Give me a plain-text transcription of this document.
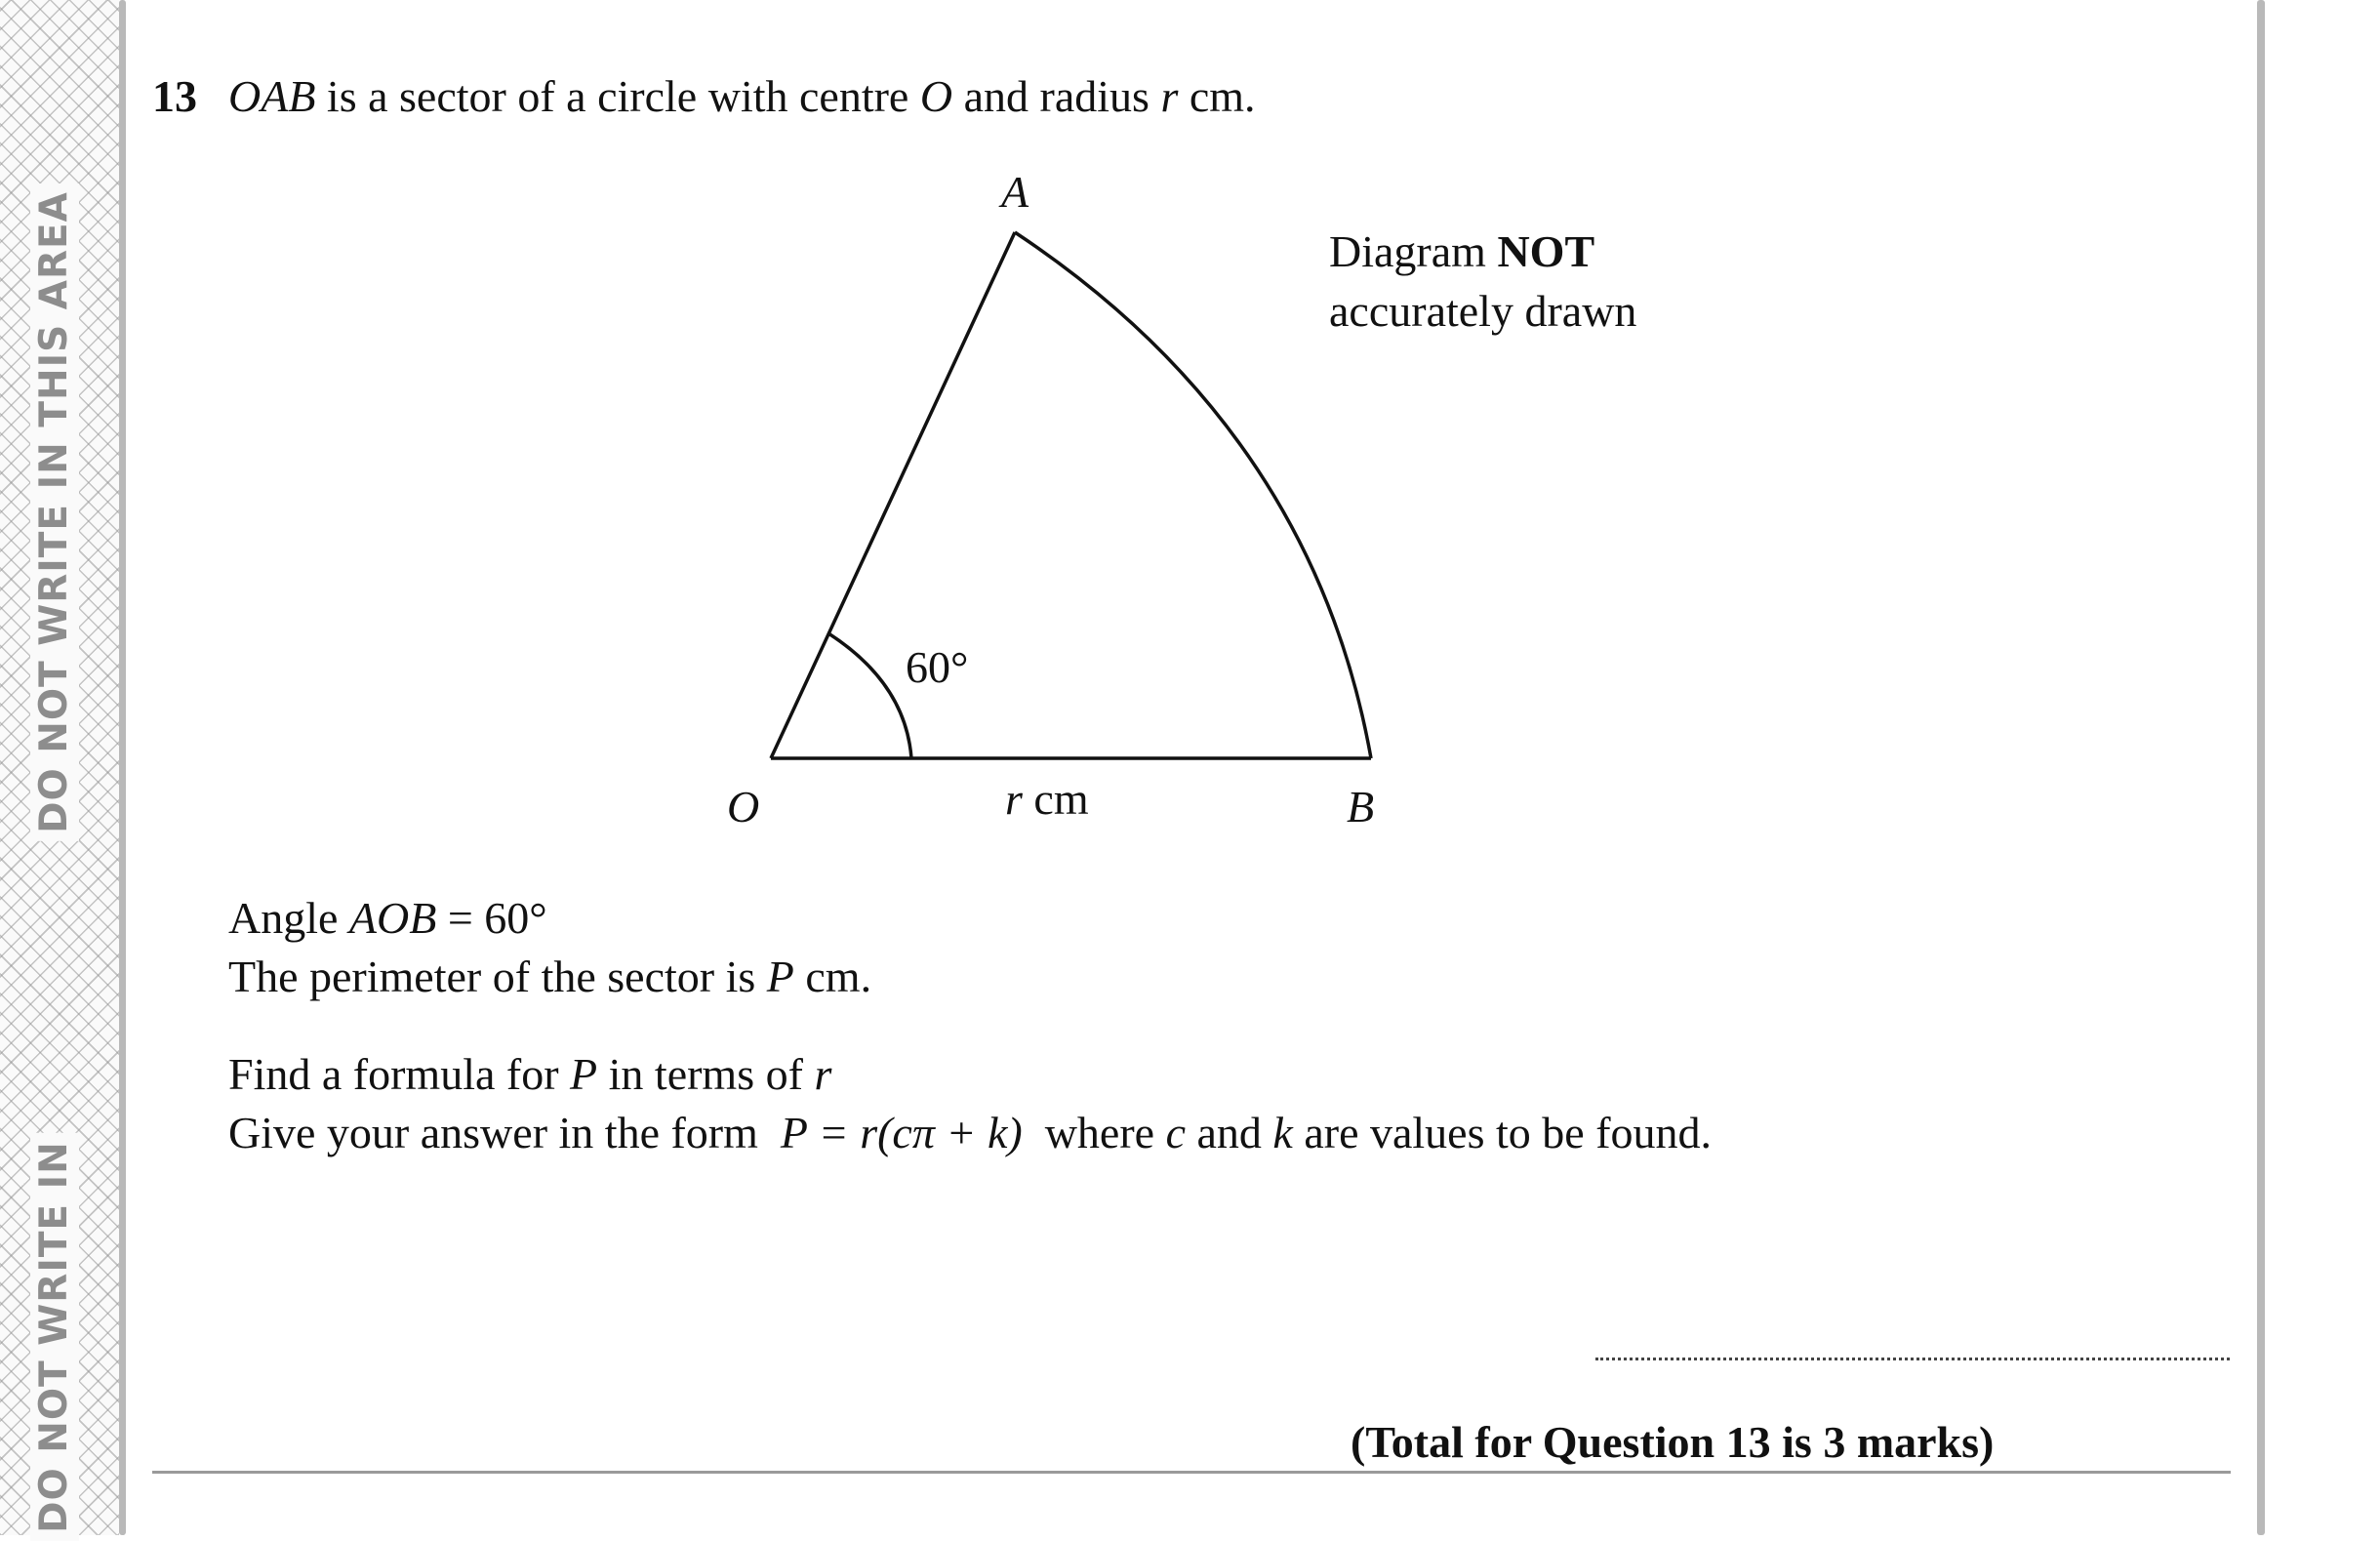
DO NOT WRITE IN THIS AREA
DO NOT WRITE IN
13 OAB is a sector of a circle with centre O and radius r cm.
A
O	B
60°
r cm
Diagram NOT
accurately drawn
Angle AOB = 60°
The perimeter of the sector is P cm.
Find a formula for P in terms of r
Give your answer in the form  P = r(cπ + k)  where c and k are values to be found.
(Total for Question 13 is 3 marks)
